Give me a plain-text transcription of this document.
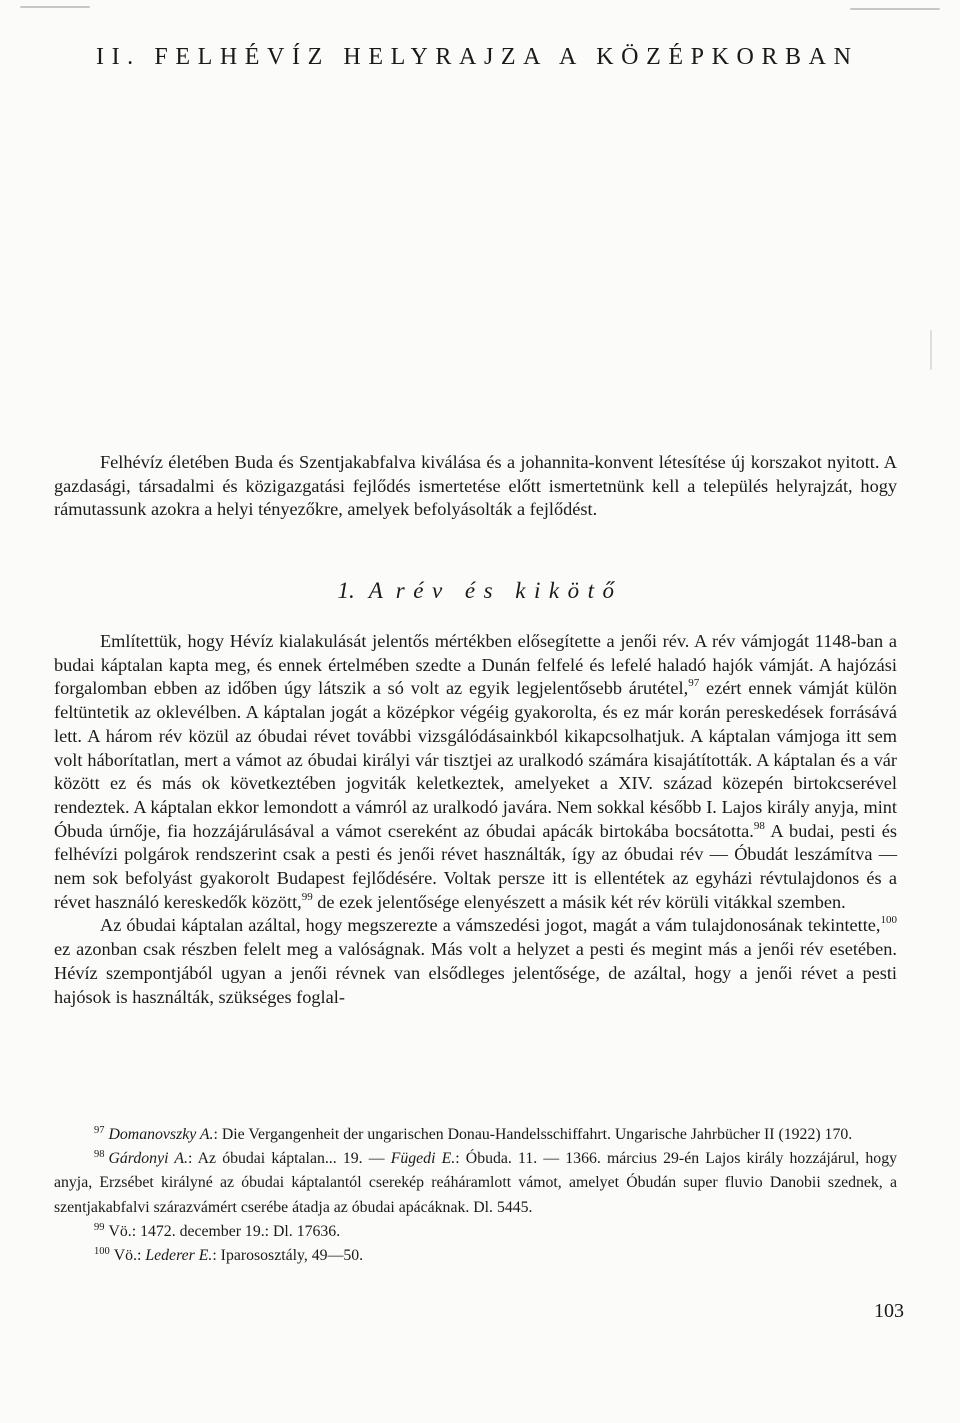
II. FELHÉVÍZ HELYRAJZA A KÖZÉPKORBAN

Felhévíz életében Buda és Szentjakabfalva kiválása és a johannita-konvent létesítése új korszakot nyitott. A gazdasági, társadalmi és közigazgatási fejlődés ismertetése előtt ismertetnünk kell a település helyrajzát, hogy rámutassunk azokra a helyi tényezőkre, amelyek befolyásolták a fejlődést.

1. Arév és kikötő

Említettük, hogy Hévíz kialakulását jelentős mértékben elősegítette a jenői rév. A rév vámjogát 1148-ban a budai káptalan kapta meg, és ennek értelmében szedte a Dunán felfelé és lefelé haladó hajók vámját. A hajózási forgalomban ebben az időben úgy látszik a só volt az egyik legjelentősebb árutétel,$^{97}$ ezért ennek vámját külön feltüntetik az oklevélben. A káptalan jogát a középkor végéig gyakorolta, és ez már korán pereskedések forrásává lett. A három rév közül az óbudai révet további vizsgálódásainkból kikapcsolhatjuk. A káptalan vámjoga itt sem volt háborítatlan, mert a vámot az óbudai királyi vár tisztjei az uralkodó számára kisajátították. A káptalan és a vár között ez és más ok következtében jogviták keletkeztek, amelyeket a XIV. század közepén birtokcserével rendeztek. A káptalan ekkor lemondott a vámról az uralkodó javára. Nem sokkal később I. Lajos király anyja, mint Óbuda úrnője, fia hozzájárulásával a vámot csereként az óbudai apácák birtokába bocsátotta.$^{98}$ A budai, pesti és felhévízi polgárok rendszerint csak a pesti és jenői révet használták, így az óbudai rév — Óbudát leszámítva — nem sok befolyást gyakorolt Budapest fejlődésére. Voltak persze itt is ellentétek az egyházi révtulajdonos és a révet használó kereskedők között,$^{99}$ de ezek jelentősége elenyészett a másik két rév körüli vitákkal szemben.
Az óbudai káptalan azáltal, hogy megszerezte a vámszedési jogot, magát a vám tulajdonosának tekintette,$^{100}$ ez azonban csak részben felelt meg a valóságnak. Más volt a helyzet a pesti és megint más a jenői rév esetében. Hévíz szempontjából ugyan a jenői révnek van elsődleges jelentősége, de azáltal, hogy a jenői révet a pesti hajósok is használták, szükséges foglal-

$^{97}$ Domanovszky A.: Die Vergangenheit der ungarischen Donau-Handelsschiffahrt. Ungarische Jahrbücher II (1922) 170.

$^{98}$ Gárdonyi A.: Az óbudai káptalan... 19. — Fügedi E.: Óbuda. 11. — 1366. március 29-én Lajos király hozzájárul, hogy anyja, Erzsébet királyné az óbudai káptalantól cserekép reáháramlott vámot, amelyet Óbudán super fluvio Danobii szednek, a szentjakabfalvi szárazvámért cserébe átadja az óbudai apácáknak. Dl. 5445.

$^{99}$ Vö.: 1472. december 19.: Dl. 17636.

$^{100}$ Vö.: Lederer E.: Iparososztály, 49—50.

103
